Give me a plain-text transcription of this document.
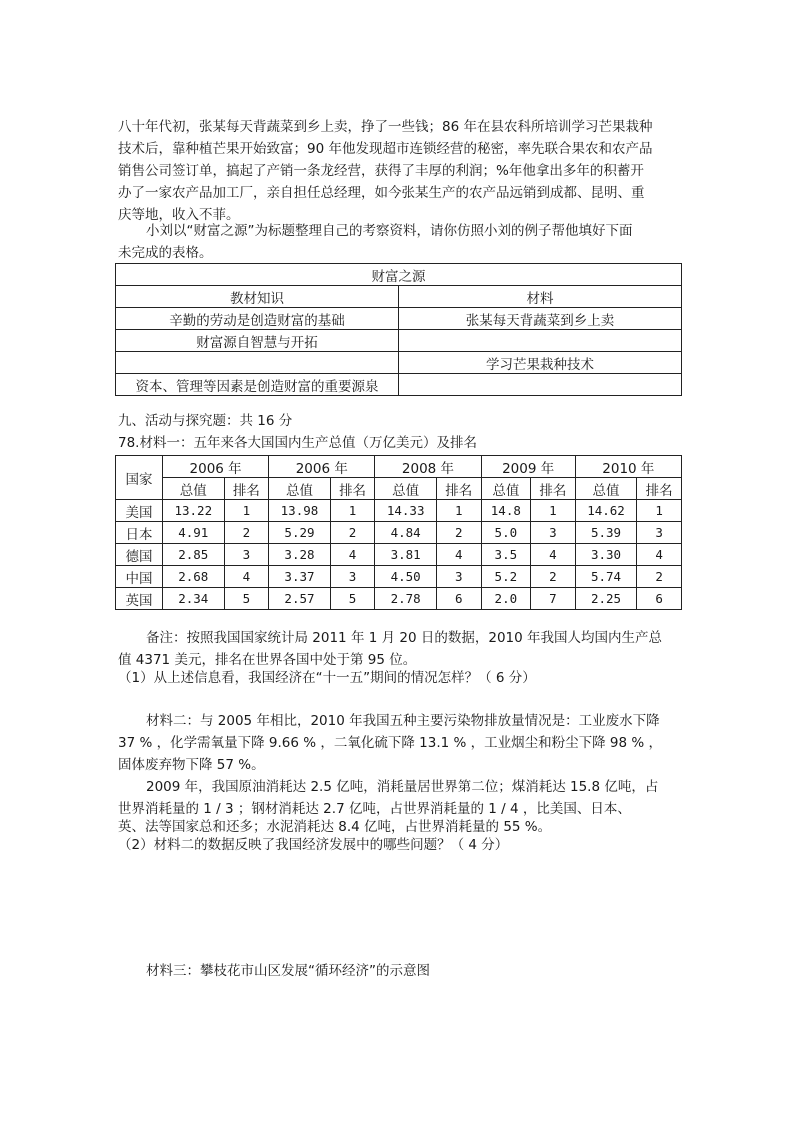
八十年代初，张某每天背蔬菜到乡上卖，挣了一些钱；86 年在县农科所培训学习芒果栽种
技术后，靠种植芒果开始致富；90 年他发现超市连锁经营的秘密，率先联合果农和农产品
销售公司签订单，搞起了产销一条龙经营，获得了丰厚的利润；%年他拿出多年的积蓄开
办了一家农产品加工厂，亲自担任总经理，如今张某生产的农产品远销到成都、昆明、重
庆等地，收入不菲。
小刘以“财富之源”为标题整理自己的考察资料，请你仿照小刘的例子帮他填好下面
未完成的表格。
财富之源	
教材知识	材料
辛勤的劳动是创造财富的基础	张某每天背蔬菜到乡上卖
财富源自智慧与开拓	
	学习芒果栽种技术
资本、管理等因素是创造财富的重要源泉	
九、活动与探究题：共 16 分
78.材料一：五年来各大国国内生产总值（万亿美元）及排名
国家	2006 年		2006 年		2008 年		2009 年		2010 年	
	总值	排名	总值	排名	总值	排名	总值	排名	总值	排名
美国	13.22	1	13.98	1	14.33	1	14.8	1	14.62	1
日本	4.91	2	5.29	2	4.84	2	5.0	3	5.39	3
德国	2.85	3	3.28	4	3.81	4	3.5	4	3.30	4
中国	2.68	4	3.37	3	4.50	3	5.2	2	5.74	2
英国	2.34	5	2.57	5	2.78	6	2.0	7	2.25	6
备注：按照我国国家统计局 2011 年 1 月 20 日的数据，2010 年我国人均国内生产总
值 4371 美元，排名在世界各国中处于第 95 位。
（1）从上述信息看，我国经济在“十一五”期间的情况怎样？（ 6 分）
材料二：与 2005 年相比，2010 年我国五种主要污染物排放量情况是：工业废水下降
37 % ，化学需氧量下降 9.66 % ，二氧化硫下降 13.1 % ，工业烟尘和粉尘下降 98 % ，
固体废弃物下降 57 %。
2009 年，我国原油消耗达 2.5 亿吨，消耗量居世界第二位；煤消耗达 15.8 亿吨，占
世界消耗量的 1 / 3 ；钢材消耗达 2.7 亿吨，占世界消耗量的 1 / 4 ，比美国、日本、
英、法等国家总和还多；水泥消耗达 8.4 亿吨，占世界消耗量的 55 %。
（2）材料二的数据反映了我国经济发展中的哪些问题？（ 4 分）
材料三：攀枝花市山区发展“循环经济”的示意图
